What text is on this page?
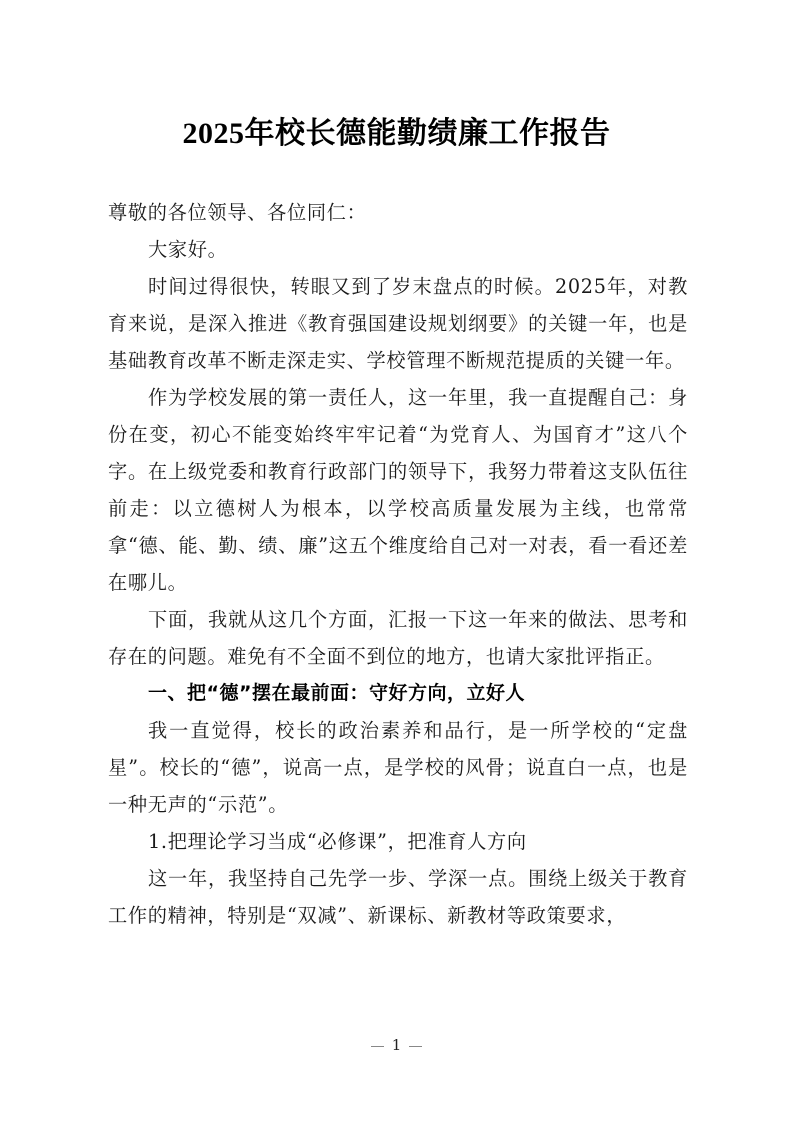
2025年校长德能勤绩廉工作报告

尊敬的各位领导、各位同仁：

大家好。

时间过得很快，转眼又到了岁末盘点的时候。2025年，对教育来说，是深入推进《教育强国建设规划纲要》的关键一年，也是基础教育改革不断走深走实、学校管理不断规范提质的关键一年。

作为学校发展的第一责任人，这一年里，我一直提醒自己：身份在变，初心不能变始终牢牢记着“为党育人、为国育才”这八个字。在上级党委和教育行政部门的领导下，我努力带着这支队伍往前走：以立德树人为根本，以学校高质量发展为主线，也常常拿“德、能、勤、绩、廉”这五个维度给自己对一对表，看一看还差在哪儿。

下面，我就从这几个方面，汇报一下这一年来的做法、思考和存在的问题。难免有不全面不到位的地方，也请大家批评指正。

一、把“德”摆在最前面：守好方向，立好人

我一直觉得，校长的政治素养和品行，是一所学校的“定盘星”。校长的“德”，说高一点，是学校的风骨；说直白一点，也是一种无声的“示范”。

1.把理论学习当成“必修课”，把准育人方向

这一年，我坚持自己先学一步、学深一点。围绕上级关于教育工作的精神，特别是“双减”、新课标、新教材等政策要求，

1
